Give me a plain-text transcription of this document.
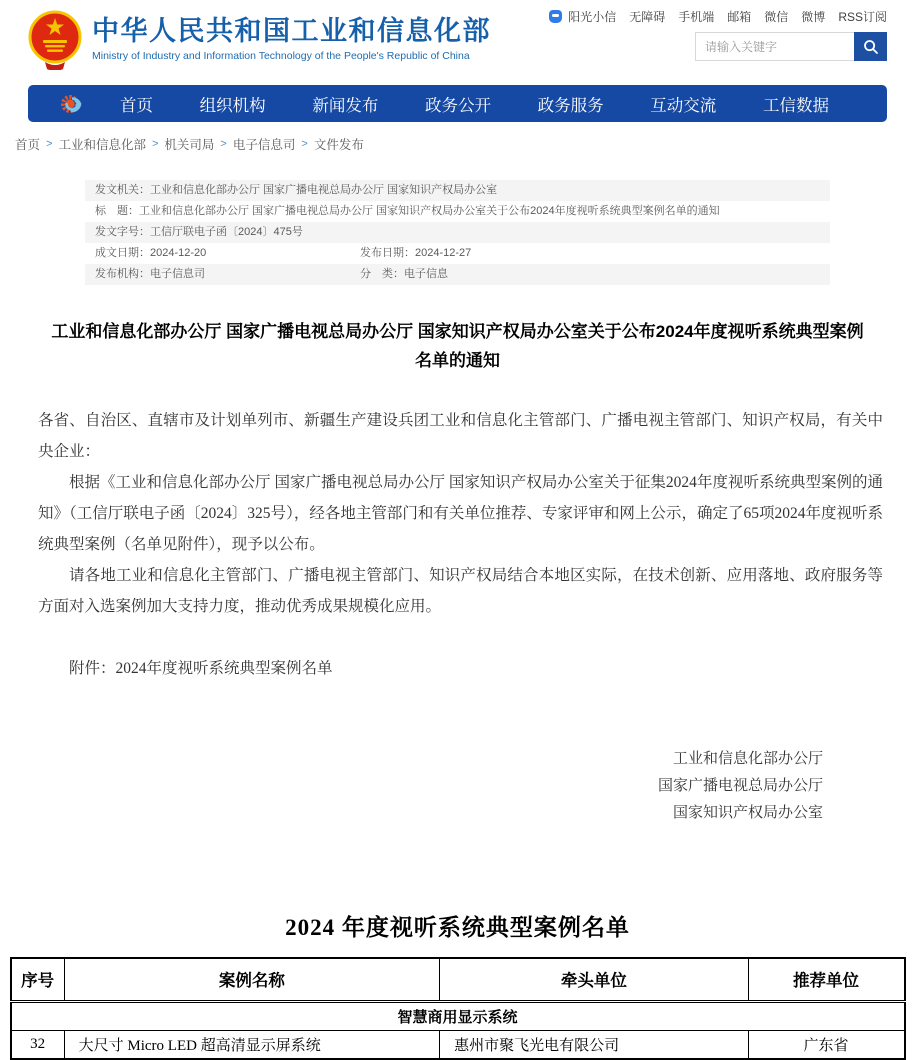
中华人民共和国工业和信息化部
Ministry of Industry and Information Technology of the People's Republic of China
阳光小信 无障碍 手机端 邮箱 微信 微博 RSS订阅
请输入关键字
首页	组织机构	新闻发布	政务公开	政务服务	互动交流	工信数据
首页 > 工业和信息化部 > 机关司局 > 电子信息司 > 文件发布
发文机关：工业和信息化部办公厅 国家广播电视总局办公厅 国家知识产权局办公室
标　题：工业和信息化部办公厅 国家广播电视总局办公厅 国家知识产权局办公室关于公布2024年度视听系统典型案例名单的通知
发文字号：工信厅联电子函〔2024〕475号
成文日期：2024-12-20	发布日期：2024-12-27
发布机构：电子信息司	分　类：电子信息
工业和信息化部办公厅 国家广播电视总局办公厅 国家知识产权局办公室关于公布2024年度视听系统典型案例名单的通知

各省、自治区、直辖市及计划单列市、新疆生产建设兵团工业和信息化主管部门、广播电视主管部门、知识产权局，有关中央企业：

根据《工业和信息化部办公厅 国家广播电视总局办公厅 国家知识产权局办公室关于征集2024年度视听系统典型案例的通知》（工信厅联电子函〔2024〕325号），经各地主管部门和有关单位推荐、专家评审和网上公示，确定了65项2024年度视听系统典型案例（名单见附件），现予以公布。

请各地工业和信息化主管部门、广播电视主管部门、知识产权局结合本地区实际，在技术创新、应用落地、政府服务等方面对入选案例加大支持力度，推动优秀成果规模化应用。

附件：2024年度视听系统典型案例名单

工业和信息化部办公厅
国家广播电视总局办公厅
国家知识产权局办公室
2024 年度视听系统典型案例名单
序号	案例名称	牵头单位	推荐单位
智慧商用显示系统			
32	大尺寸 Micro LED 超高清显示屏系统	惠州市聚飞光电有限公司	广东省
